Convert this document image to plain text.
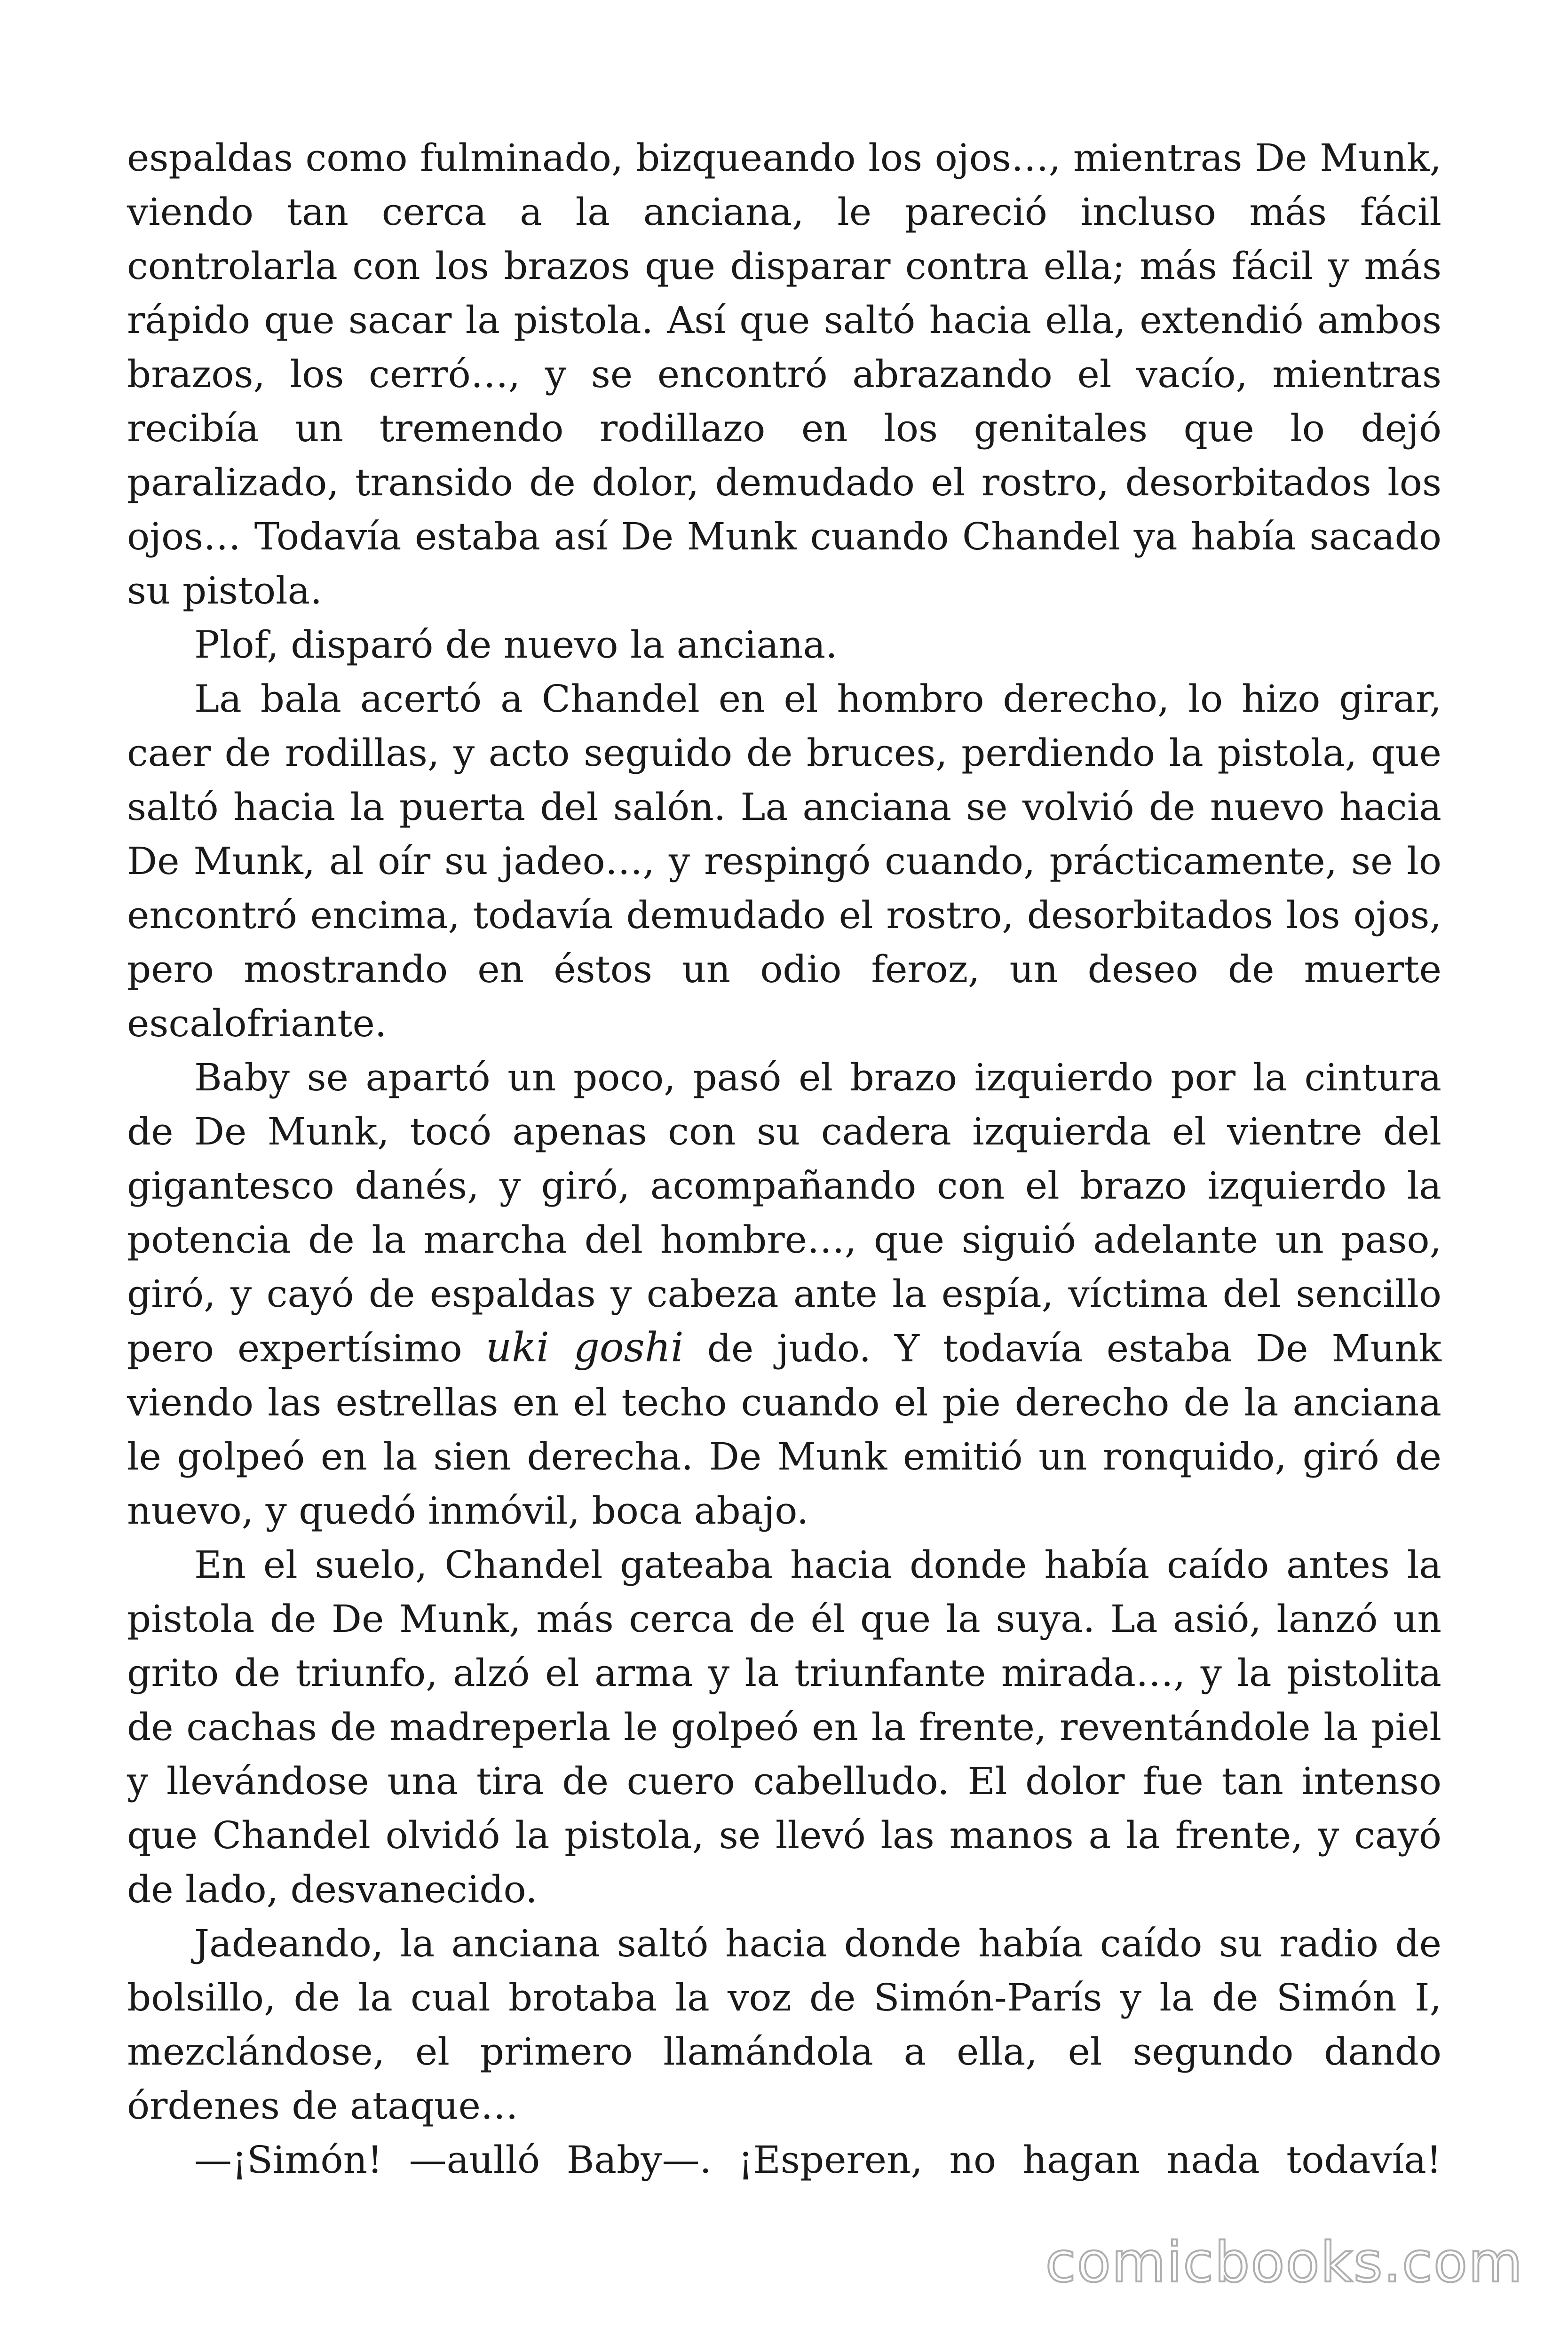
espaldas como fulminado, bizqueando los ojos…, mientras De Munk, viendo tan cerca a la anciana, le pareció incluso más fácil controlarla con los brazos que disparar contra ella; más fácil y más rápido que sacar la pistola. Así que saltó hacia ella, extendió ambos brazos, los cerró…, y se encontró abrazando el vacío, mientras recibía un tremendo rodillazo en los genitales que lo dejó paralizado, transido de dolor, demudado el rostro, desorbitados los ojos… Todavía estaba así De Munk cuando Chandel ya había sacado su pistola.

Plof, disparó de nuevo la anciana.

La bala acertó a Chandel en el hombro derecho, lo hizo girar, caer de rodillas, y acto seguido de bruces, perdiendo la pistola, que saltó hacia la puerta del salón. La anciana se volvió de nuevo hacia De Munk, al oír su jadeo…, y respingó cuando, prácticamente, se lo encontró encima, todavía demudado el rostro, desorbitados los ojos, pero mostrando en éstos un odio feroz, un deseo de muerte escalofriante.

Baby se apartó un poco, pasó el brazo izquierdo por la cintura de De Munk, tocó apenas con su cadera izquierda el vientre del gigantesco danés, y giró, acompañando con el brazo izquierdo la potencia de la marcha del hombre…, que siguió adelante un paso, giró, y cayó de espaldas y cabeza ante la espía, víctima del sencillo pero expertísimo uki goshi de judo. Y todavía estaba De Munk viendo las estrellas en el techo cuando el pie derecho de la anciana le golpeó en la sien derecha. De Munk emitió un ronquido, giró de nuevo, y quedó inmóvil, boca abajo.

En el suelo, Chandel gateaba hacia donde había caído antes la pistola de De Munk, más cerca de él que la suya. La asió, lanzó un grito de triunfo, alzó el arma y la triunfante mirada…, y la pistolita de cachas de madreperla le golpeó en la frente, reventándole la piel y llevándose una tira de cuero cabelludo. El dolor fue tan intenso que Chandel olvidó la pistola, se llevó las manos a la frente, y cayó de lado, desvanecido.

Jadeando, la anciana saltó hacia donde había caído su radio de bolsillo, de la cual brotaba la voz de Simón-París y la de Simón I, mezclándose, el primero llamándola a ella, el segundo dando órdenes de ataque…

—¡Simón! —aulló Baby—. ¡Esperen, no hagan nada todavía!

comicbooks.com
